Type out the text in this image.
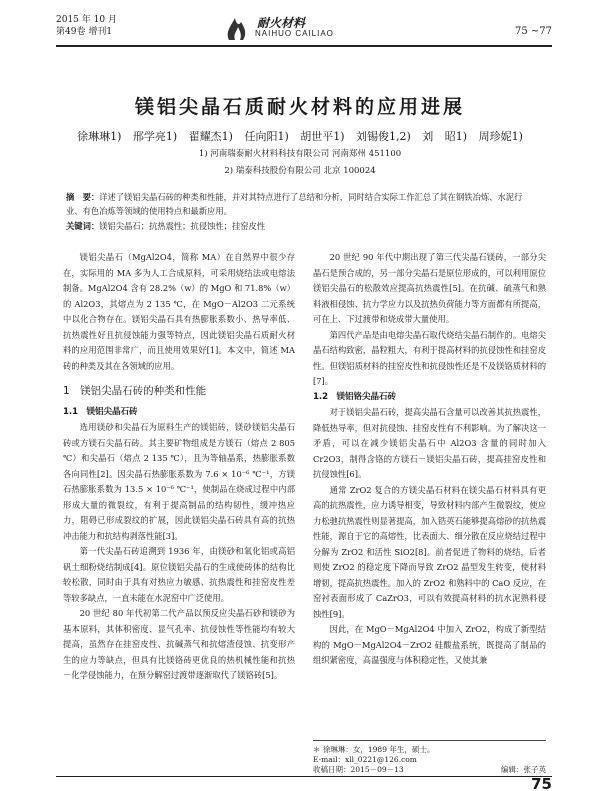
2015 年 10 月
第49卷 增刊1
耐火材料
NAIHUO CAILIAO	75 ~77
镁铝尖晶石质耐火材料的应用进展
徐琳琳1) 邢学亮1) 翟耀杰1) 任向阳1) 胡世平1) 刘锡俊1,2) 刘 昭1) 周珍妮1)
1) 河南瑞泰耐火材料科技有限公司 河南郑州 451100
2) 瑞泰科技股份有限公司 北京 100024
摘　要：详述了镁铝尖晶石砖的种类和性能，并对其特点进行了总结和分析，同时结合实际工作汇总了其在钢铁冶炼、水泥行业、有色冶炼等领域的使用特点和最新应用。
关键词：镁铝尖晶石；抗热震性；抗侵蚀性；挂窑皮性

镁铝尖晶石（MgAl2O4，简称 MA）在自然界中很少存在，实际用的 MA 多为人工合成原料，可采用烧结法或电熔法制备。MgAl2O4 含有 28.2%（w）的 MgO 和 71.8%（w）的 Al2O3，其熔点为 2 135 ℃，在 MgO－Al2O3 二元系统中以化合物存在。镁铝尖晶石具有热膨胀系数小、热导率低、抗热震性好且抗侵蚀能力强等特点，因此镁铝尖晶石质耐火材料的应用范围非常广，而且使用效果好[1]。本文中，简述 MA 砖的种类及其在各领域的应用。

1　镁铝尖晶石砖的种类和性能

1.1　镁铝尖晶石砖

选用镁砂和尖晶石为原料生产的镁铝砖，镁砂镁铝尖晶石砖或方镁石尖晶石砖。其主要矿物组成是方镁石（熔点 2 805 ℃）和尖晶石（熔点 2 135 ℃），且为等轴晶系，热膨胀系数各向同性[2]。因尖晶石热膨胀系数为 7.6 × 10⁻⁶ ℃⁻¹，方镁石热膨胀系数为 13.5 × 10⁻⁶ ℃⁻¹，使制品在烧成过程中内部形成大量的微裂纹，有利于提高制品的结构韧性，缓冲热应力，阻碍已形成裂纹的扩展，因此镁铝尖晶石砖具有高的抗热冲击能力和抗结构剥落性能[3]。

第一代尖晶石砖追溯到 1936 年，由镁砂和氧化铝或高铝矾土细粉烧结制成[4]。原位镁铝尖晶石的生成使砖体的结构比较松散，同时由于具有对热应力敏感、抗热震性和挂窑皮性差等较多缺点，一直未能在水泥窑中广泛使用。

20 世纪 80 年代初第二代产品以预反应尖晶石砂和镁砂为基本原料，其体积密度、显气孔率、抗侵蚀性等性能均有较大提高，虽然存在挂窑皮性、抗碱蒸气和抗熔渣侵蚀、抗变形产生的应力等缺点，但具有比镁铬砖更优良的热机械性能和抗热－化学侵蚀能力，在预分解窑过渡带逐渐取代了镁铬砖[5]。

20 世纪 90 年代中期出现了第三代尖晶石镁砖，一部分尖晶石是预合成的，另一部分尖晶石是原位形成的，可以利用原位镁铝尖晶石的松散效应提高抗热震性[5]。在抗碱、硫蒸气和熟料液相侵蚀、抗力学应力以及抗热负荷能力等方面都有所提高，可在上、下过渡带和烧成带大量使用。

第四代产品是由电熔尖晶石取代烧结尖晶石制作的。电熔尖晶石结构致密，晶粒粗大，有利于提高材料的抗侵蚀性和挂窑皮性。但镁铝质材料的挂窑皮性和抗侵蚀性还是不及镁铬质材料的[7]。

1.2　镁铝铬尖晶石砖

对于镁铝尖晶石砖，提高尖晶石含量可以改善其抗热震性，降低热导率，但对抗侵蚀、挂窑皮性有不利影响。为了解决这一矛盾，可以在减少镁铝尖晶石中 Al2O3 含量的同时加入 Cr2O3，制得含铬的方镁石－镁铝尖晶石砖，提高挂窑皮性和抗侵蚀性[6]。

通常 ZrO2 复合的方镁尖晶石材料在镁尖晶石材料具有更高的抗热震性，应力诱导相变，导致材料内部产生微裂纹，使应力松驰抗热震性则显著提高，加入锆英石能够提高熔砂的抗热震性能，源自于它的高熔性，比表面大、细分散在反应烧结过程中分解为 ZrO2 和活性 SiO2[8]。前者促进了物料的烧结，后者则使 ZrO2 的稳定度下降而导致 ZrO2 晶型发生转变，使材料增韧，提高抗热震性。加入的 ZrO2 和熟料中的 CaO 反应，在窑衬表面形成了 CaZrO3，可以有效提高材料的抗水泥熟料侵蚀性[9]。

因此，在 MgO－MgAl2O4 中加入 ZrO2，构成了新型结构的 MgO－MgAl2O4－ZrO2 硅酸盐系统，既提高了制品的组织紧密度，高温强度与体积稳定性，又使其兼

＊ 徐琳琳：女，1989 年生，硕士。
E-mail：xll_0221@126.com
收稿日期：2015－09－13	编辑：张子英
75
